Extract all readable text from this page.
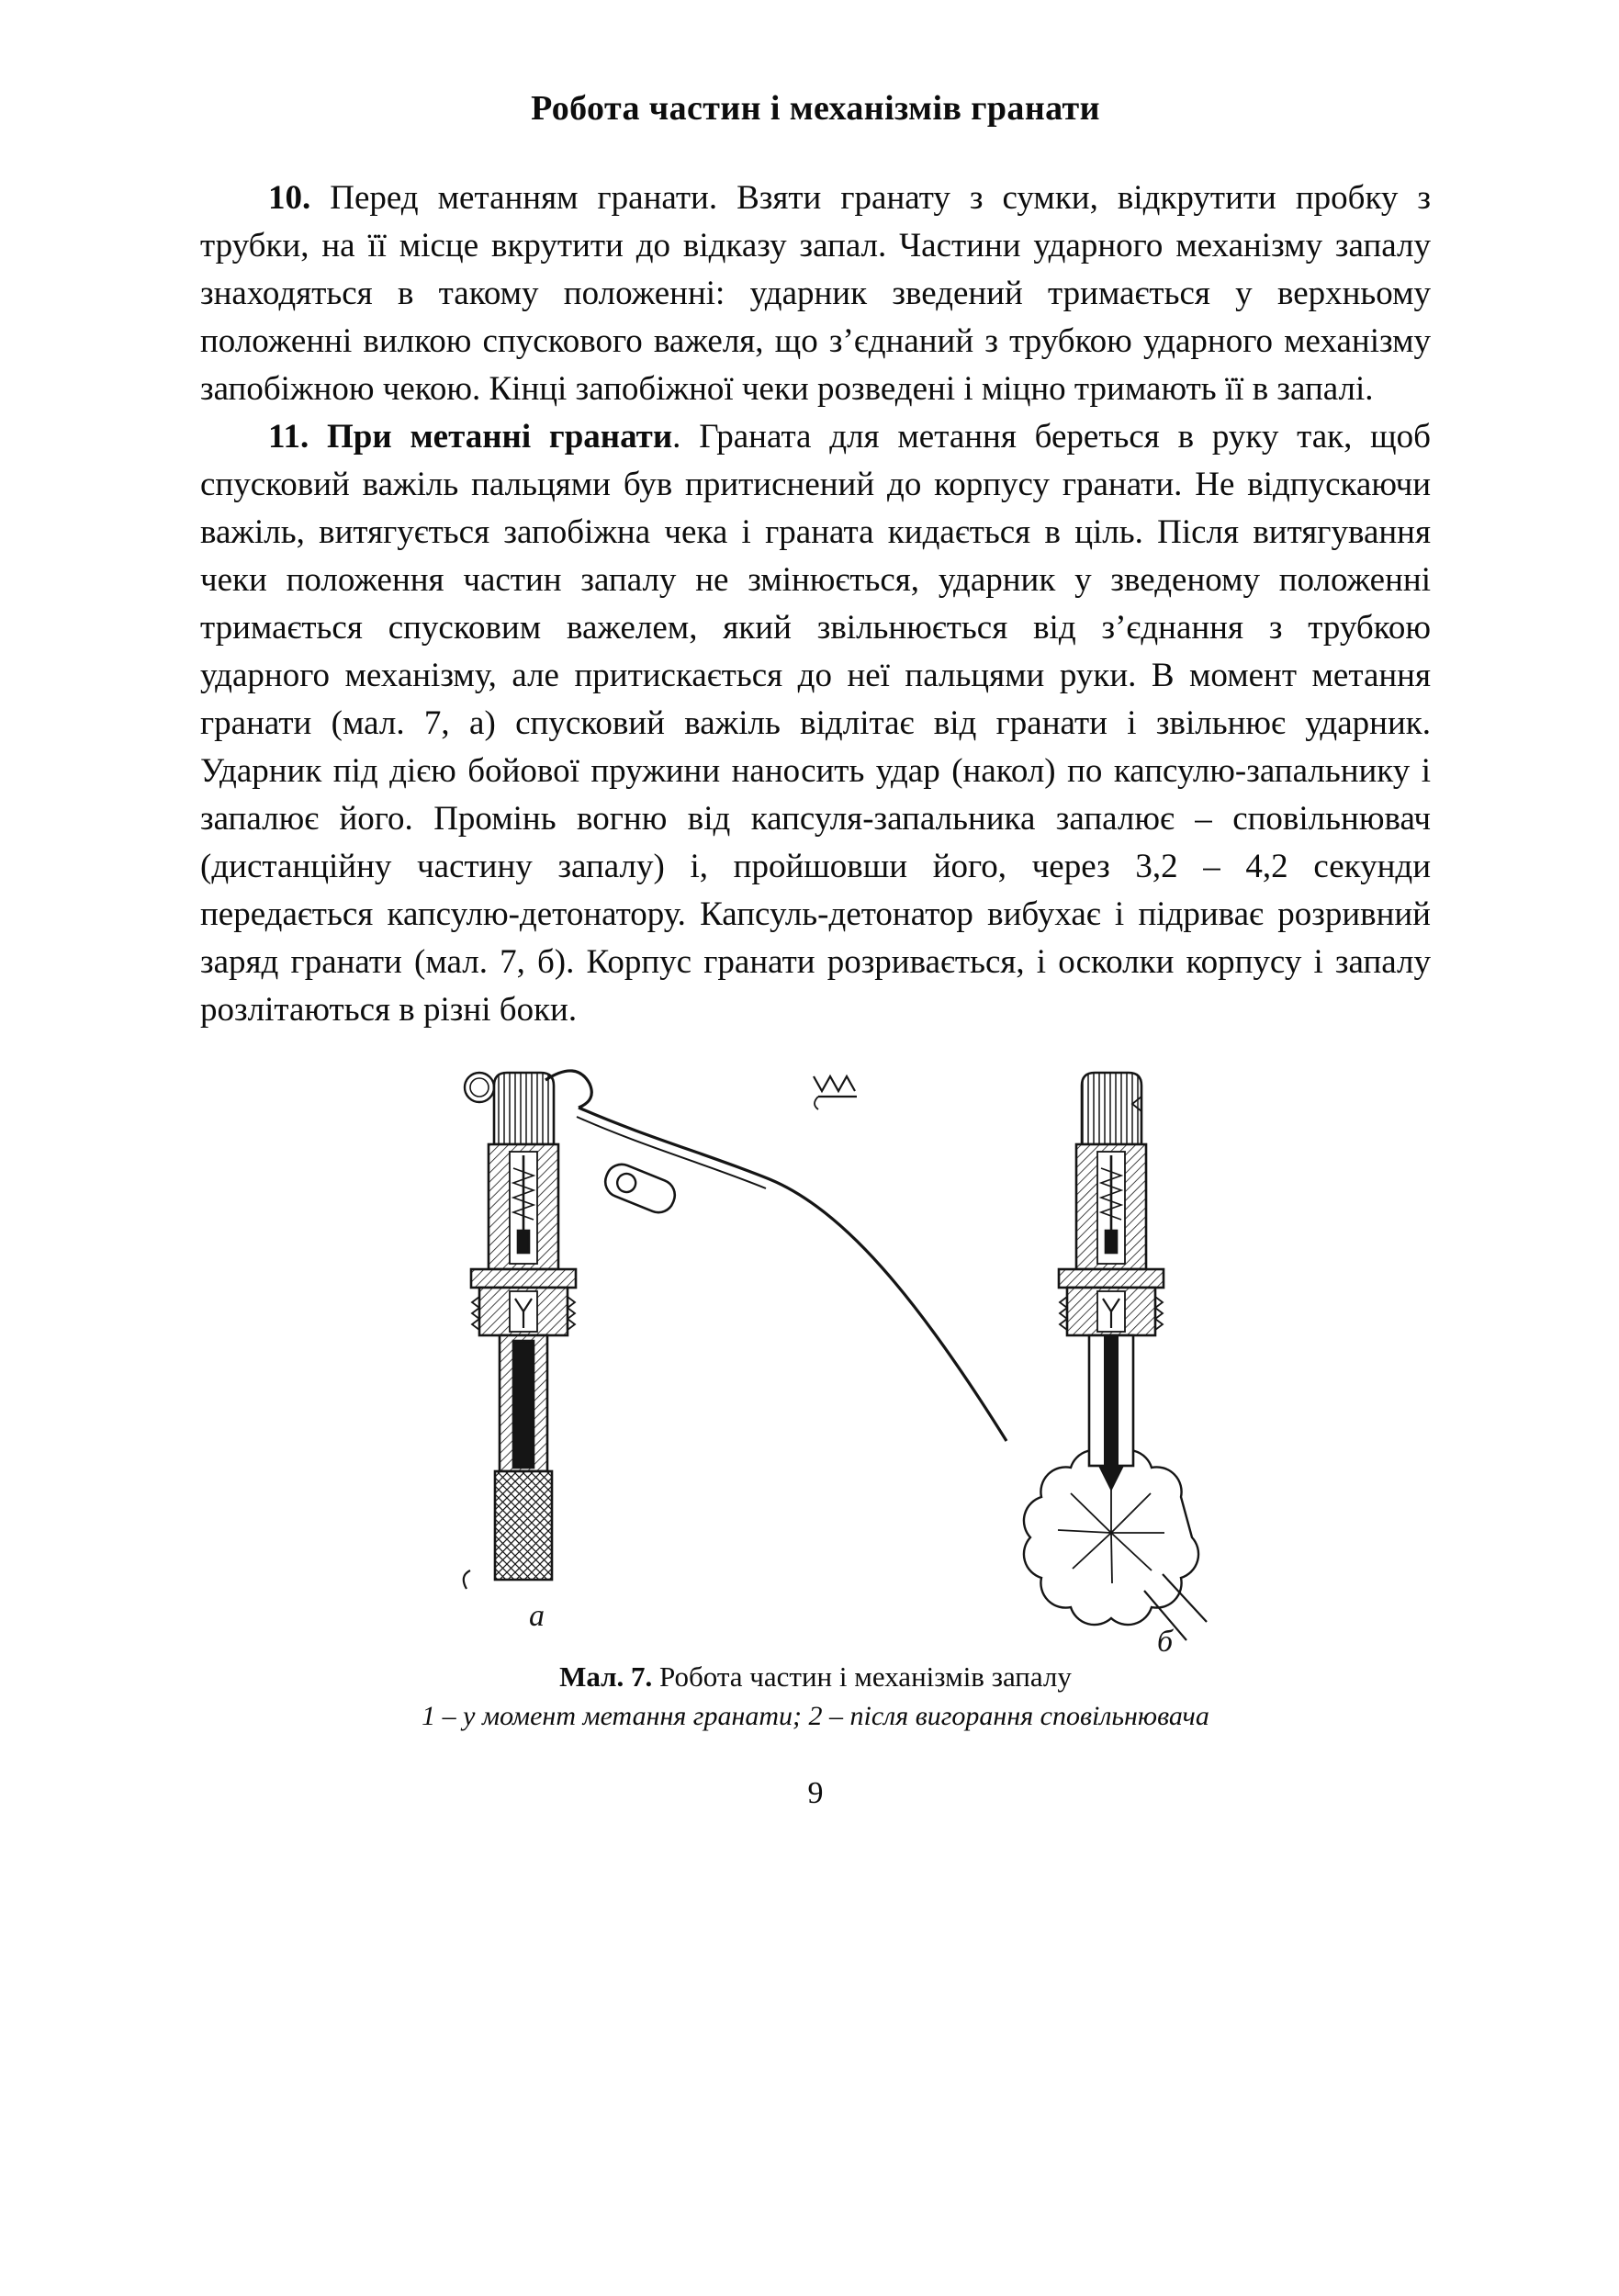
Робота частин і механізмів гранати

10. Перед метанням гранати. Взяти гранату з сумки, відкрутити пробку з трубки, на її місце вкрутити до відказу запал. Частини ударного механізму запалу знаходяться в такому положенні: ударник зведений тримається у верхньому положенні вилкою спускового важеля, що з’єднаний з трубкою ударного механізму запобіжною чекою. Кінці запобіжної чеки розведені і міцно тримають її в запалі.

11. При метанні гранати. Граната для метання береться в руку так, щоб спусковий важіль пальцями був притиснений до корпусу гранати. Не відпускаючи важіль, витягується запобіжна чека і граната кидається в ціль. Після витягування чеки положення частин запалу не змінюється, ударник у зведеному положенні тримається спусковим важелем, який звільнюється від з’єднання з трубкою ударного механізму, але притискається до неї пальцями руки. В момент метання гранати (мал. 7, а) спусковий важіль відлітає від гранати і звільнює ударник. Ударник під дією бойової пружини наносить удар (накол) по капсулю-запальнику і запалює його. Промінь вогню від капсуля-запальника запалює – сповільнювач (дистанційну частину запалу) і, пройшовши його, через 3,2 – 4,2 секунди передається капсулю-детонатору. Капсуль-детонатор вибухає і підриває розривний заряд гранати (мал. 7, б). Корпус гранати розривається, і осколки корпусу і запалу розлітаються в різні боки.

а
б
Мал. 7. Робота частин і механізмів запалу
1 – у момент метання гранати; 2 – після вигорання сповільнювача
9
